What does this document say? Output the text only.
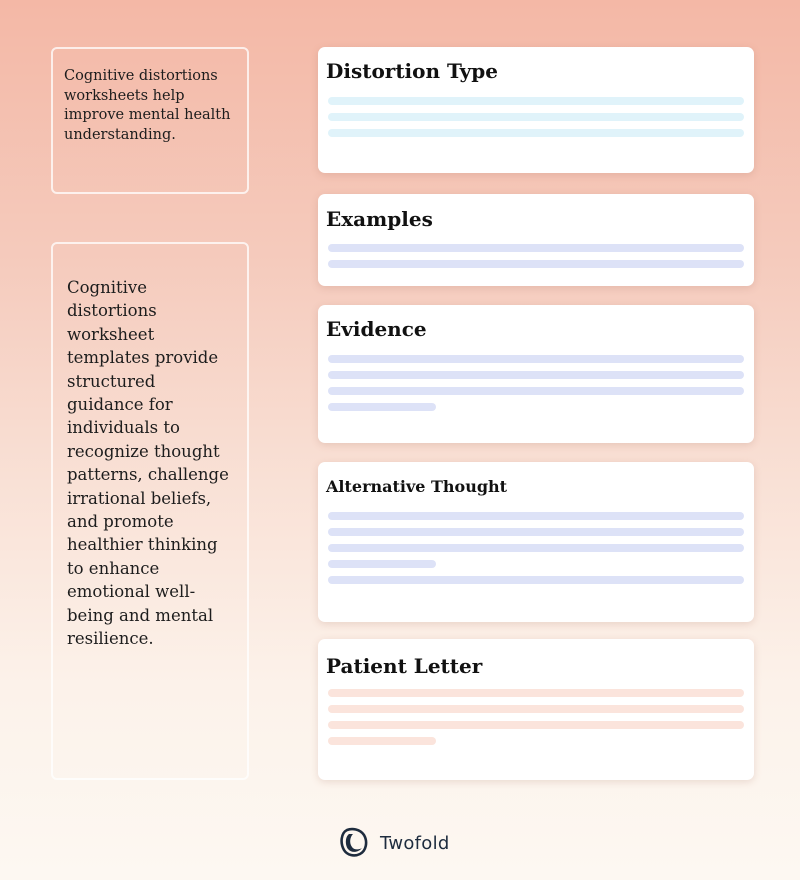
Cognitive distortions worksheets help improve mental health understanding.
Cognitive distortions worksheet templates provide structured guidance for individuals to recognize thought patterns, challenge irrational beliefs, and promote healthier thinking to enhance emotional well-being and mental resilience.
Distortion Type
Examples
Evidence
Alternative Thought
Patient Letter
Twofold
